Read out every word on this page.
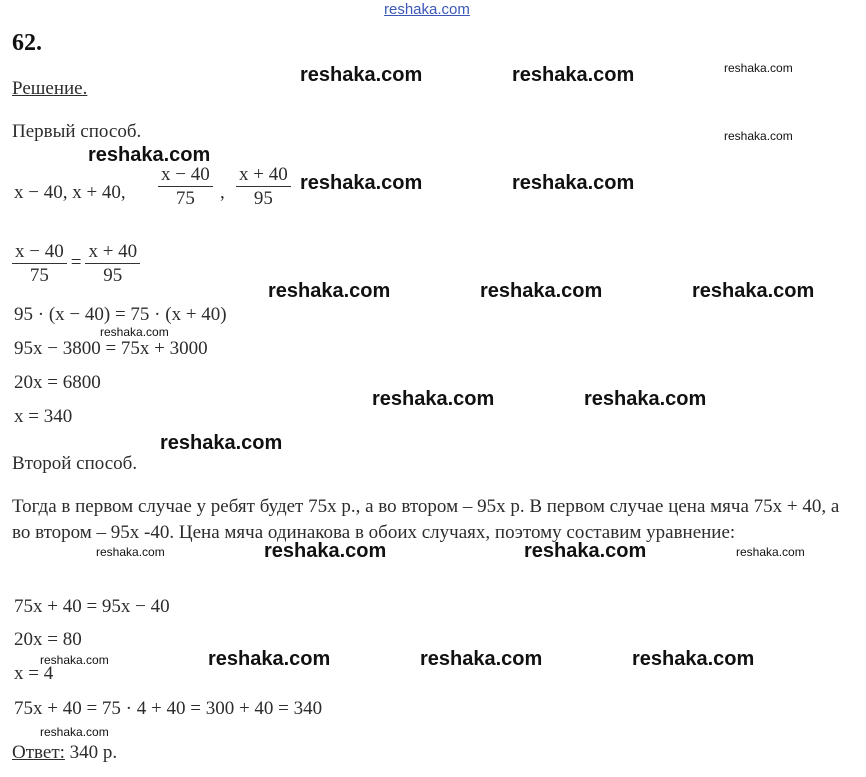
reshaka.com
62.
Решение.
Первый способ.
x − 40, x + 40, $\frac{x - 40}{75}$ , $\frac{x + 40}{95}$
$\frac{x - 40}{75} = \frac{x + 40}{95}$
95 · (x − 40) = 75 · (x + 40)
95x − 3800 = 75x + 3000
20x = 6800
x = 340
Второй способ.
Тогда в первом случае у ребят будет 75x р., а во втором – 95x р. В первом случае цена мяча 75x + 40, а во втором – 95x -40. Цена мяча одинакова в обоих случаях, поэтому составим уравнение:
75x + 40 = 95x − 40
20x = 80
x = 4
75x + 40 = 75 · 4 + 40 = 300 + 40 = 340
Ответ: 340 р.
reshaka.com	reshaka.com	reshaka.com
reshaka.com
reshaka.com
reshaka.com	reshaka.com
reshaka.com	reshaka.com	reshaka.com
reshaka.com
reshaka.com	reshaka.com
reshaka.com
reshaka.com	reshaka.com	reshaka.com	reshaka.com
reshaka.com	reshaka.com	reshaka.com	reshaka.com
reshaka.com
